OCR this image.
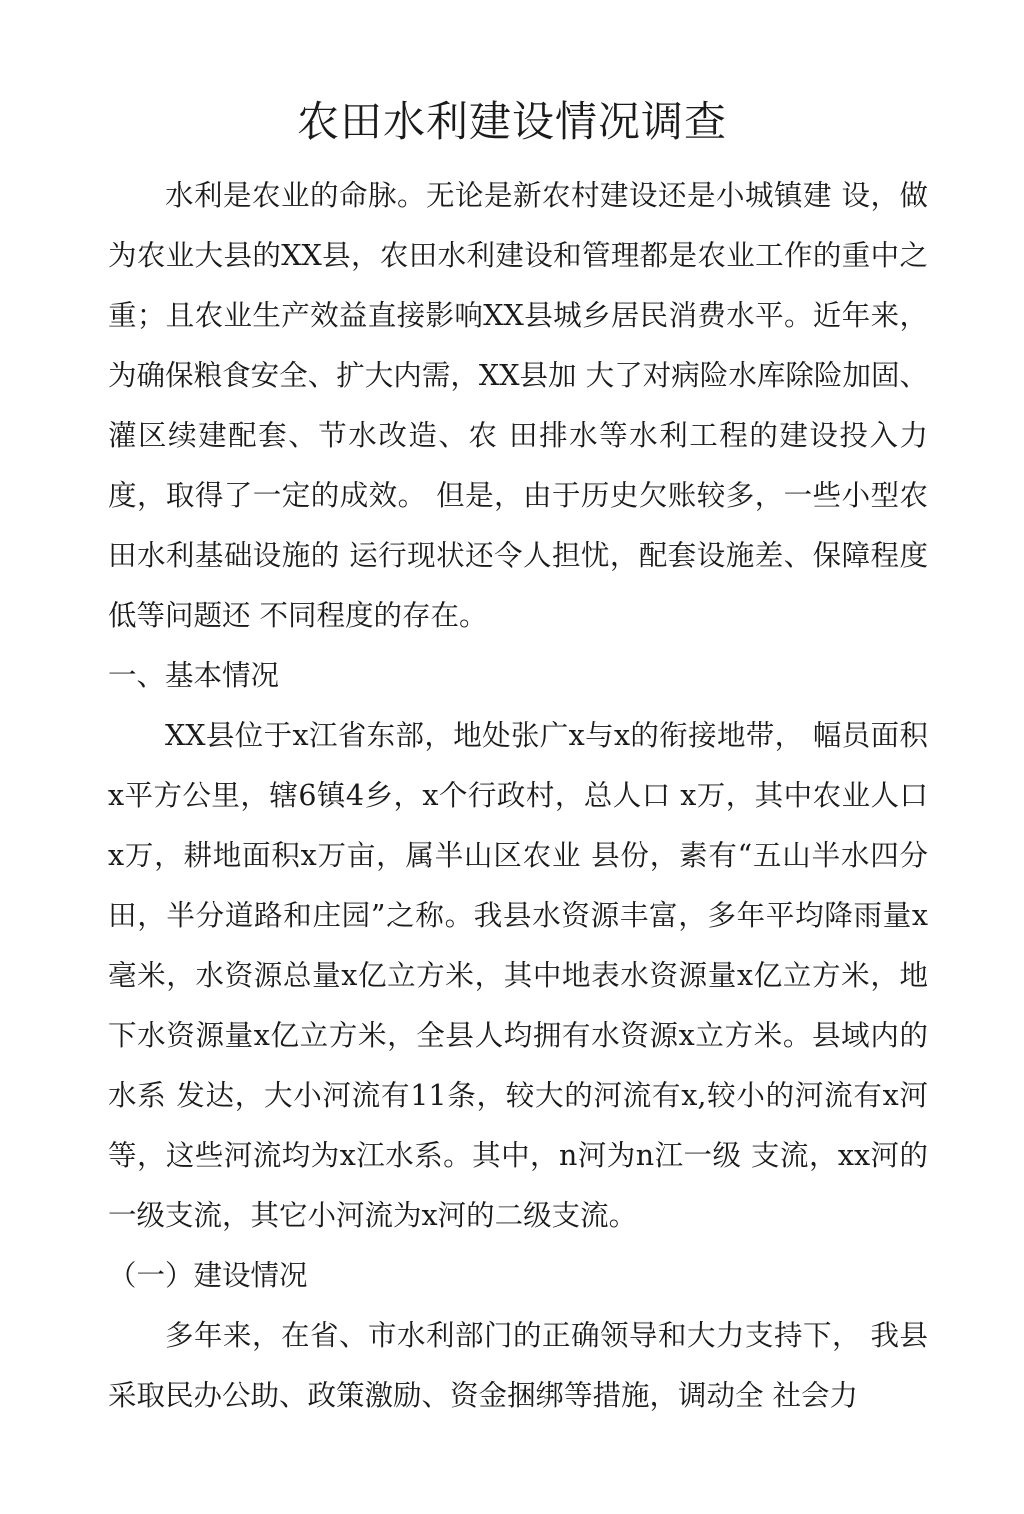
农田水利建设情况调查

水利是农业的命脉。无论是新农村建设还是小城镇建 设，做为农业大县的XX县，农田水利建设和管理都是农业工作的重中之重；且农业生产效益直接影响XX县城乡居民消费水平。近年来，为确保粮食安全、扩大内需，XX县加 大了对病险水库除险加固、灌区续建配套、节水改造、农 田排水等水利工程的建设投入力度，取得了一定的成效。 但是，由于历史欠账较多，一些小型农田水利基础设施的 运行现状还令人担忧，配套设施差、保障程度低等问题还 不同程度的存在。

一、基本情况

XX县位于x江省东部，地处张广x与x的衔接地带， 幅员面积x平方公里，辖6镇4乡，x个行政村，总人口 x万，其中农业人口x万，耕地面积x万亩，属半山区农业 县份，素有“五山半水四分田，半分道路和庄园”之称。我县水资源丰富，多年平均降雨量x毫米，水资源总量x亿立方米，其中地表水资源量x亿立方米，地下水资源量x亿立方米，全县人均拥有水资源x立方米。县域内的水系 发达，大小河流有11条，较大的河流有x,较小的河流有x河等，这些河流均为x江水系。其中，n河为n江一级 支流，xx河的一级支流，其它小河流为x河的二级支流。

（一）建设情况

多年来，在省、市水利部门的正确领导和大力支持下， 我县采取民办公助、政策激励、资金捆绑等措施，调动全 社会力
